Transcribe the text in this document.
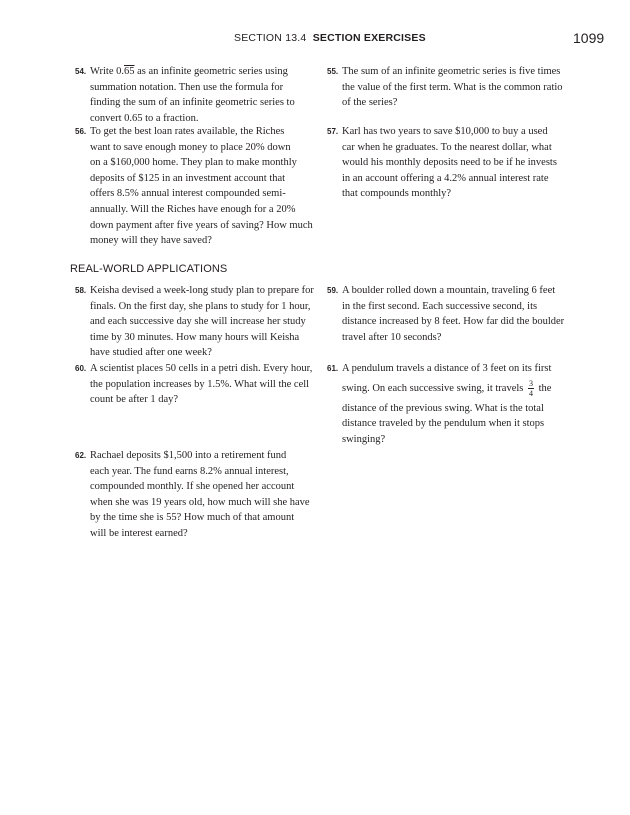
SECTION 13.4 SECTION EXERCISES	1099
54. Write 0.65 as an infinite geometric series using
summation notation. Then use the formula for
finding the sum of an infinite geometric series to
convert 0.65 to a fraction.
55. The sum of an infinite geometric series is five times
the value of the first term. What is the common ratio
of the series?
56. To get the best loan rates available, the Riches
want to save enough money to place 20% down
on a $160,000 home. They plan to make monthly
deposits of $125 in an investment account that
offers 8.5% annual interest compounded semi-
annually. Will the Riches have enough for a 20%
down payment after five years of saving? How much
money will they have saved?
57. Karl has two years to save $10,000 to buy a used
car when he graduates. To the nearest dollar, what
would his monthly deposits need to be if he invests
in an account offering a 4.2% annual interest rate
that compounds monthly?
REAL-WORLD APPLICATIONS
58. Keisha devised a week-long study plan to prepare for
finals. On the first day, she plans to study for 1 hour,
and each successive day she will increase her study
time by 30 minutes. How many hours will Keisha
have studied after one week?
59. A boulder rolled down a mountain, traveling 6 feet
in the first second. Each successive second, its
distance increased by 8 feet. How far did the boulder
travel after 10 seconds?
60. A scientist places 50 cells in a petri dish. Every hour,
the population increases by 1.5%. What will the cell
count be after 1 day?
61. A pendulum travels a distance of 3 feet on its first
swing. On each successive swing, it travels $\frac{3}{4}$ the
distance of the previous swing. What is the total
distance traveled by the pendulum when it stops
swinging?
62. Rachael deposits $1,500 into a retirement fund
each year. The fund earns 8.2% annual interest,
compounded monthly. If she opened her account
when she was 19 years old, how much will she have
by the time she is 55? How much of that amount
will be interest earned?
